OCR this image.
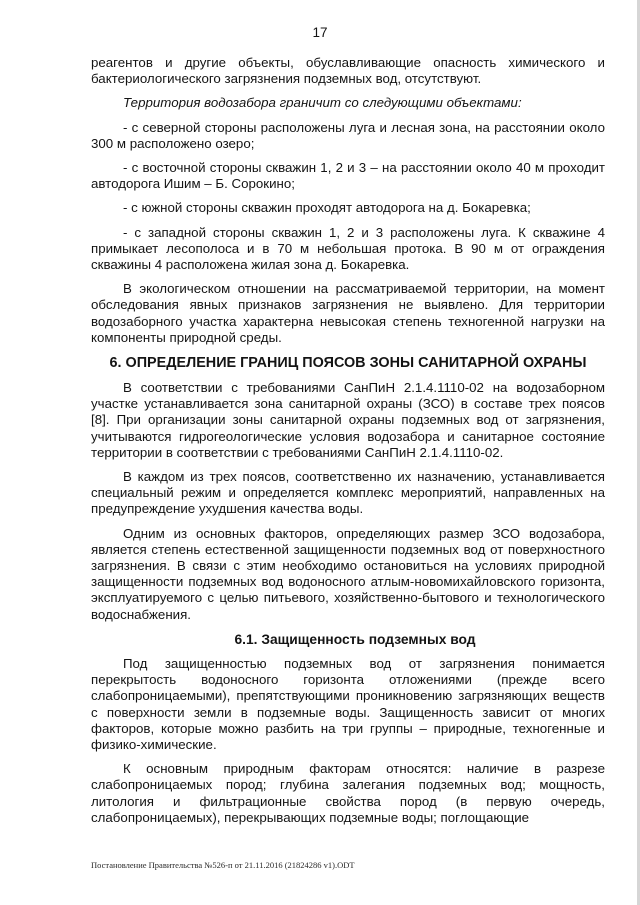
17

реагентов и другие объекты, обуславливающие опасность химического и бактериологического загрязнения подземных вод, отсутствуют.

Территория водозабора граничит со следующими объектами:

- с северной стороны расположены луга и лесная зона, на расстоянии около 300 м расположено озеро;

- с восточной стороны скважин 1, 2 и 3 – на расстоянии около 40 м проходит автодорога Ишим – Б. Сорокино;

- с южной стороны скважин проходят автодорога на д. Бокаревка;

- с западной стороны скважин 1, 2 и 3 расположены луга. К скважине 4 примыкает лесополоса и в 70 м небольшая протока. В 90 м от ограждения скважины 4 расположена жилая зона д. Бокаревка.

В экологическом отношении на рассматриваемой территории, на момент обследования явных признаков загрязнения не выявлено. Для территории водозаборного участка характерна невысокая степень техногенной нагрузки на компоненты природной среды.

6. ОПРЕДЕЛЕНИЕ ГРАНИЦ ПОЯСОВ ЗОНЫ САНИТАРНОЙ ОХРАНЫ

В соответствии с требованиями СанПиН 2.1.4.1110-02 на водозаборном участке устанавливается зона санитарной охраны (ЗСО) в составе трех поясов [8]. При организации зоны санитарной охраны подземных вод от загрязнения, учитываются гидрогеологические условия водозабора и санитарное состояние территории в соответствии с требованиями СанПиН 2.1.4.1110-02.

В каждом из трех поясов, соответственно их назначению, устанавливается специальный режим и определяется комплекс мероприятий, направленных на предупреждение ухудшения качества воды.

Одним из основных факторов, определяющих размер ЗСО водозабора, является степень естественной защищенности подземных вод от поверхностного загрязнения. В связи с этим необходимо остановиться на условиях природной защищенности подземных вод водоносного атлым-новомихайловского горизонта, эксплуатируемого с целью питьевого, хозяйственно-бытового и технологического водоснабжения.

6.1. Защищенность подземных вод

Под защищенностью подземных вод от загрязнения понимается перекрытость водоносного горизонта отложениями (прежде всего слабопроницаемыми), препятствующими проникновению загрязняющих веществ с поверхности земли в подземные воды. Защищенность зависит от многих факторов, которые можно разбить на три группы – природные, техногенные и физико-химические.

К основным природным факторам относятся: наличие в разрезе слабопроницаемых пород; глубина залегания подземных вод; мощность, литология и фильтрационные свойства пород (в первую очередь, слабопроницаемых), перекрывающих подземные воды; поглощающие

Постановление Правительства №526-п от 21.11.2016 (21824286 v1).ODT
